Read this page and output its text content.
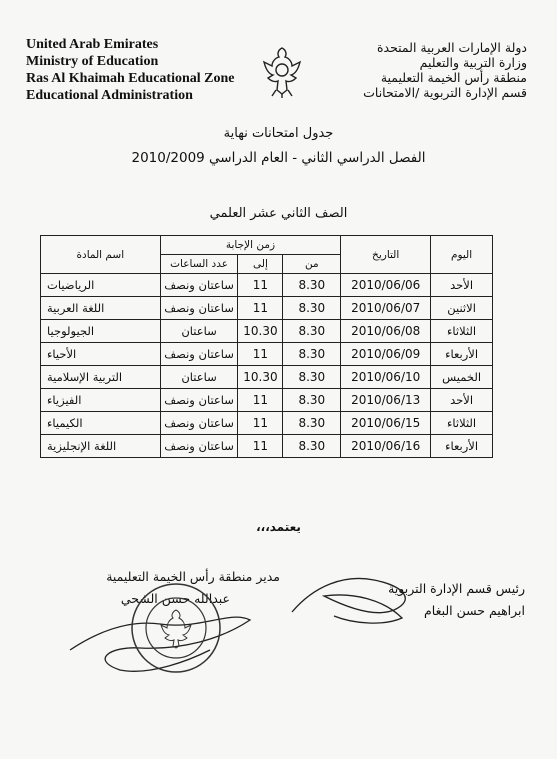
United Arab Emirates
Ministry of Education
Ras Al Khaimah Educational Zone
Educational Administration
دولة الإمارات العربية المتحدة
وزارة التربية والتعليم
منطقة رأس الخيمة التعليمية
قسم الإدارة التربوية /الامتحانات
جدول امتحانات نهاية
الفصل الدراسي الثاني - العام الدراسي 2010/2009
الصف الثاني عشر العلمي
اليوم	التاريخ	زمن الإجابة			اسم المادة
		من	إلى	عدد الساعات	
الأحد	2010/06/06	8.30	11	ساعتان ونصف	الرياضيات
الاثنين	2010/06/07	8.30	11	ساعتان ونصف	اللغة العربية
الثلاثاء	2010/06/08	8.30	10.30	ساعتان	الجيولوجيا
الأربعاء	2010/06/09	8.30	11	ساعتان ونصف	الأحياء
الخميس	2010/06/10	8.30	10.30	ساعتان	التربية الإسلامية
الأحد	2010/06/13	8.30	11	ساعتان ونصف	الفيزياء
الثلاثاء	2010/06/15	8.30	11	ساعتان ونصف	الكيمياء
الأربعاء	2010/06/16	8.30	11	ساعتان ونصف	اللغة الإنجليزية
يعتمد،،،
رئيس قسم الإدارة التربوية
ابراهيم حسن البغام
مدير منطقة رأس الخيمة التعليمية
عبدالله حسن الشحي
